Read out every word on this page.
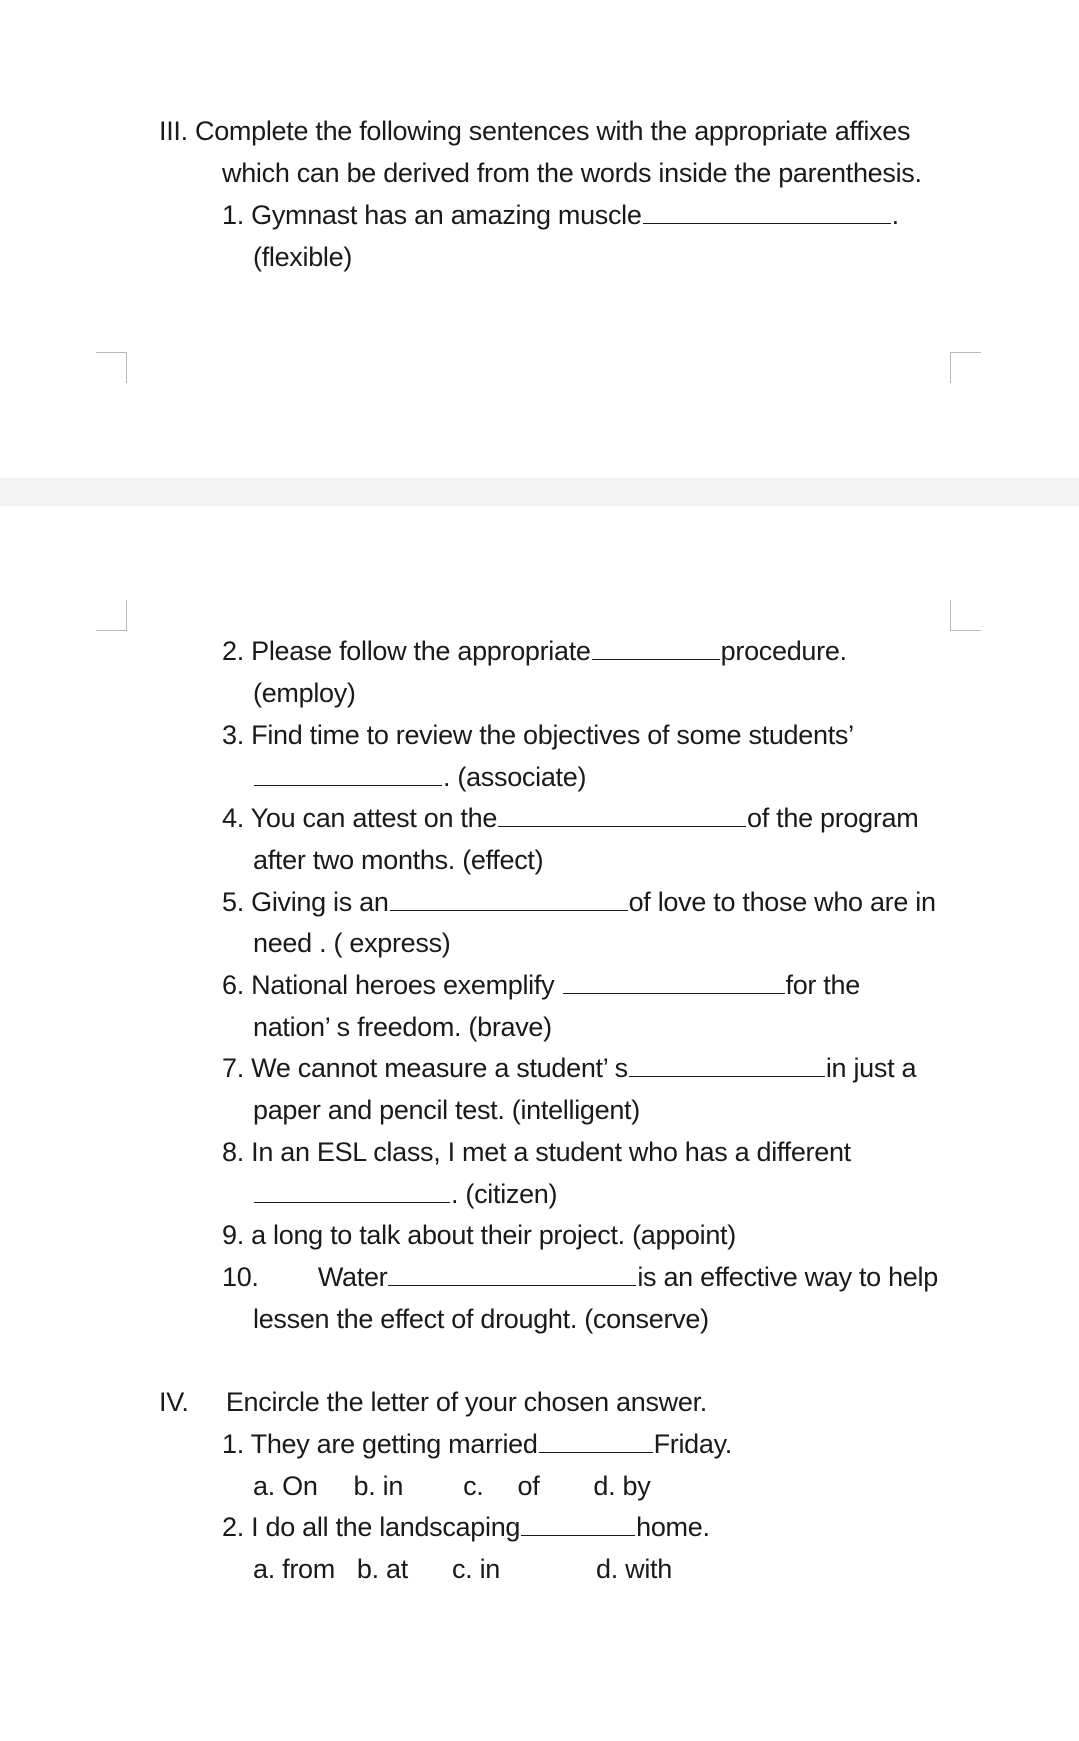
III. Complete the following sentences with the appropriate affixes
which can be derived from the words inside the parenthesis.
1. Gymnast has an amazing muscle	.
(flexible)
2. Please follow the appropriate	procedure.
(employ)
3. Find time to review the objectives of some students’
. (associate)
4. You can attest on the	of the program
after two months. (effect)
5. Giving is an	of love to those who are in
need . ( express)
6. National heroes exemplify	for the
nation’ s freedom. (brave)
7. We cannot measure a student’ s	in just a
paper and pencil test. (intelligent)
8. In an ESL class, I met a student who has a different
. (citizen)
9. a long to talk about their project. (appoint)
10. Water	is an effective way to help
lessen the effect of drought. (conserve)
IV. Encircle the letter of your chosen answer.
1. They are getting married	Friday.
a. On b. in c. of d. by
2. I do all the landscaping	home.
a. from b. at c. in	d. with
